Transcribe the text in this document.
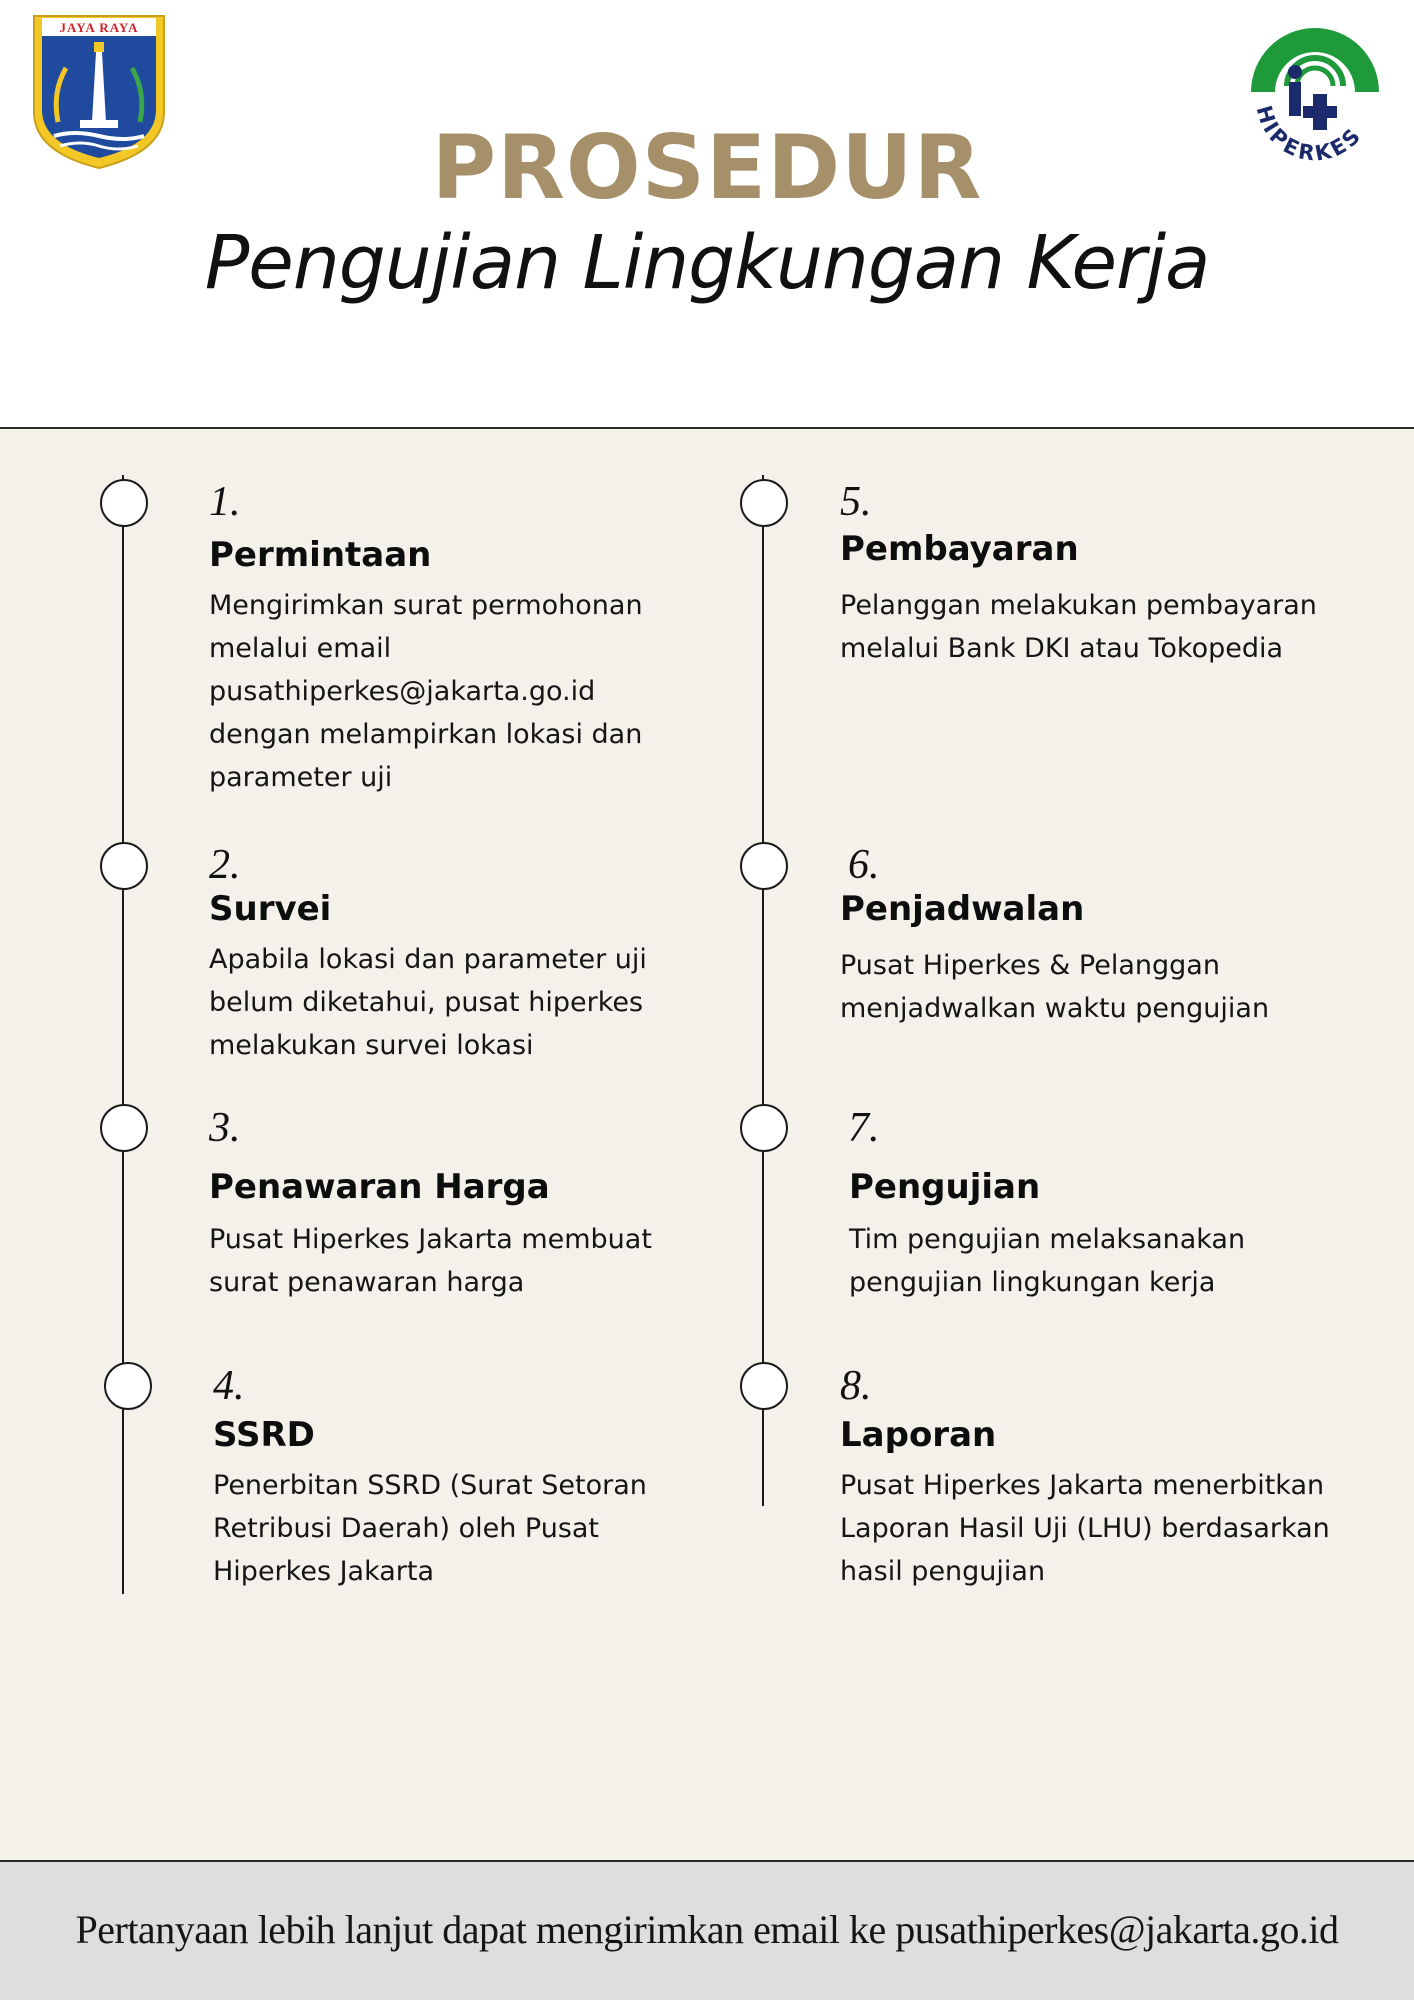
JAYA RAYA
HIPERKES
PROSEDUR
Pengujian Lingkungan Kerja
1.
Permintaan
Mengirimkan surat permohonan melalui email pusathiperkes@jakarta.go.id dengan melampirkan lokasi dan parameter uji
2.
Survei
Apabila lokasi dan parameter uji belum diketahui, pusat hiperkes melakukan survei lokasi
3.
Penawaran Harga
Pusat Hiperkes Jakarta membuat surat penawaran harga
4.
SSRD
Penerbitan SSRD (Surat Setoran Retribusi Daerah) oleh Pusat Hiperkes Jakarta
5.
Pembayaran
Pelanggan melakukan pembayaran melalui Bank DKI atau Tokopedia
6.
Penjadwalan
Pusat Hiperkes & Pelanggan menjadwalkan waktu pengujian
7.
Pengujian
Tim pengujian melaksanakan pengujian lingkungan kerja
8.
Laporan
Pusat Hiperkes Jakarta menerbitkan Laporan Hasil Uji (LHU) berdasarkan hasil pengujian
Pertanyaan lebih lanjut dapat mengirimkan email ke pusathiperkes@jakarta.go.id
